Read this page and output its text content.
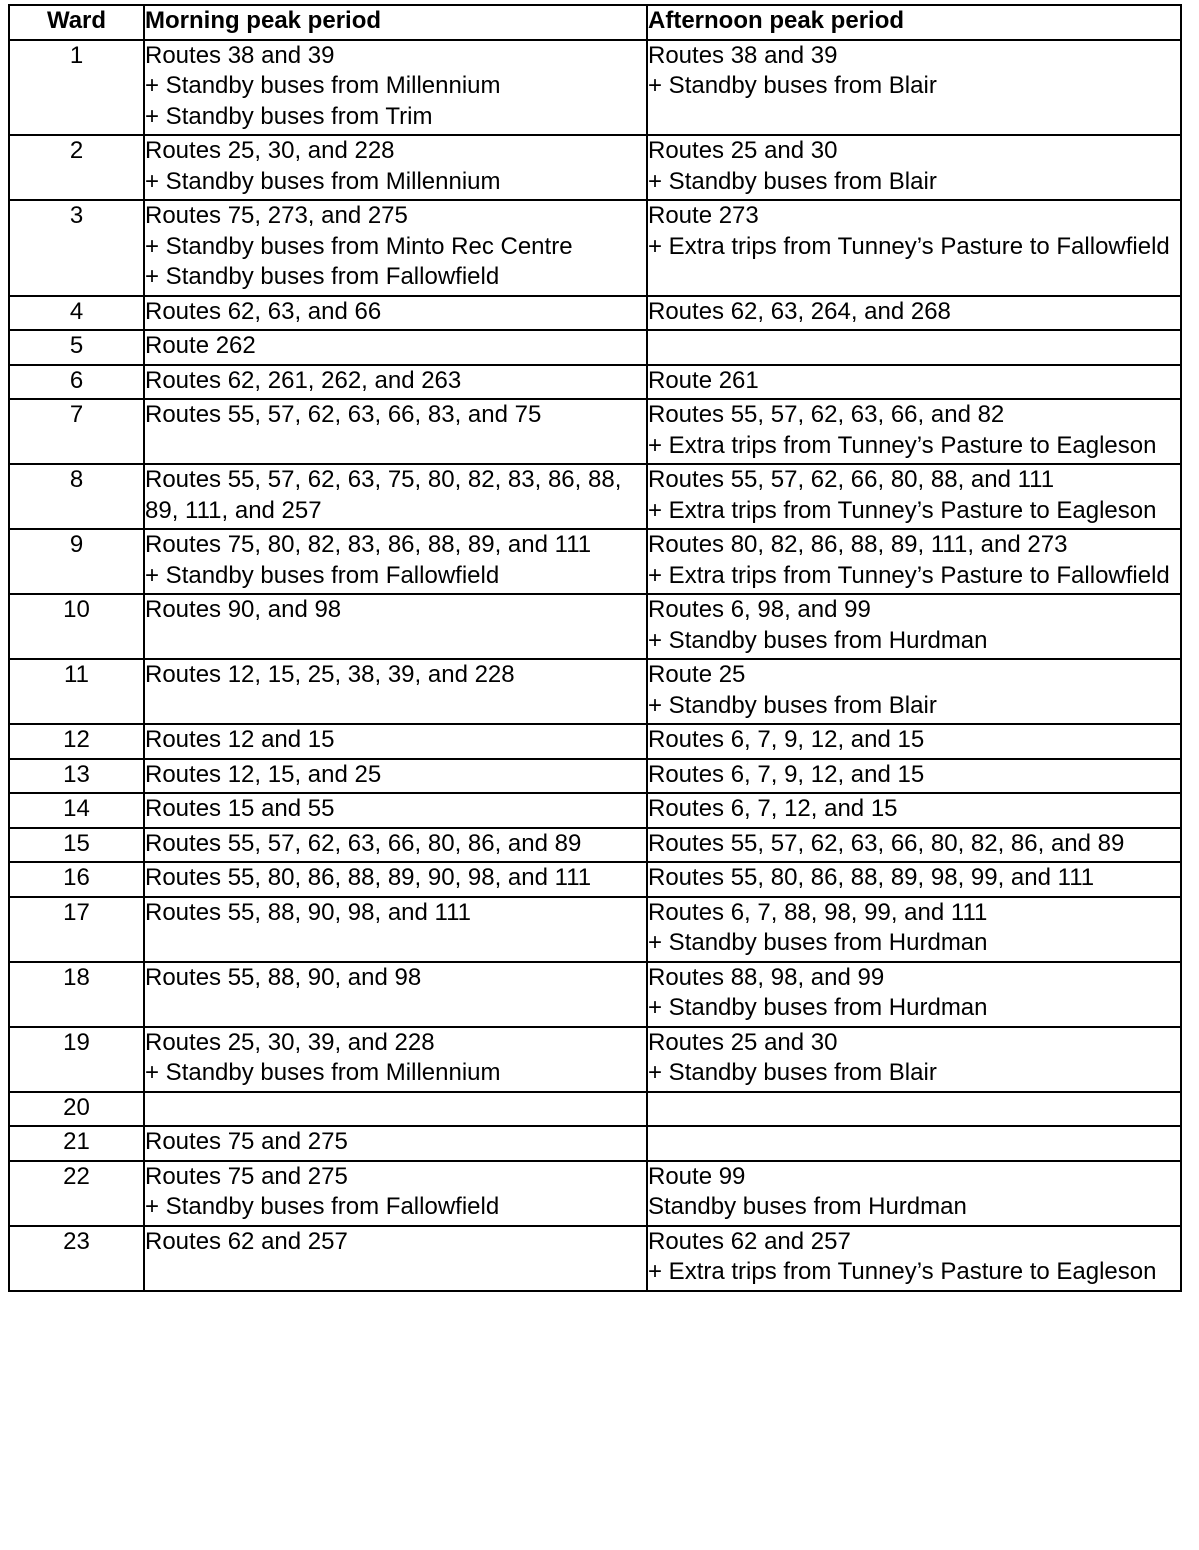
Ward	Morning peak period	Afternoon peak period
1	Routes 38 and 39
+ Standby buses from Millennium
+ Standby buses from Trim	Routes 38 and 39
+ Standby buses from Blair

2	Routes 25, 30, and 228
+ Standby buses from Millennium	Routes 25 and 30
+ Standby buses from Blair

3	Routes 75, 273, and 275
+ Standby buses from Minto Rec Centre
+ Standby buses from Fallowfield	Route 273
+ Extra trips from Tunney’s Pasture to Fallowfield

4	Routes 62, 63, and 66	Routes 62, 63, 264, and 268

5	Route 262	

6	Routes 62, 261, 262, and 263	Route 261

7	Routes 55, 57, 62, 63, 66, 83, and 75	Routes 55, 57, 62, 63, 66, and 82
+ Extra trips from Tunney’s Pasture to Eagleson

8	Routes 55, 57, 62, 63, 75, 80, 82, 83, 86, 88, 89, 111, and 257	Routes 55, 57, 62, 66, 80, 88, and 111
+ Extra trips from Tunney’s Pasture to Eagleson

9	Routes 75, 80, 82, 83, 86, 88, 89, and 111
+ Standby buses from Fallowfield	Routes 80, 82, 86, 88, 89, 111, and 273
+ Extra trips from Tunney’s Pasture to Fallowfield

10	Routes 90, and 98	Routes 6, 98, and 99
+ Standby buses from Hurdman

11	Routes 12, 15, 25, 38, 39, and 228	Route 25
+ Standby buses from Blair

12	Routes 12 and 15	Routes 6, 7, 9, 12, and 15

13	Routes 12, 15, and 25	Routes 6, 7, 9, 12, and 15

14	Routes 15 and 55	Routes 6, 7, 12, and 15

15	Routes 55, 57, 62, 63, 66, 80, 86, and 89	Routes 55, 57, 62, 63, 66, 80, 82, 86, and 89

16	Routes 55, 80, 86, 88, 89, 90, 98, and 111	Routes 55, 80, 86, 88, 89, 98, 99, and 111

17	Routes 55, 88, 90, 98, and 111	Routes 6, 7, 88, 98, 99, and 111
+ Standby buses from Hurdman

18	Routes 55, 88, 90, and 98	Routes 88, 98, and 99
+ Standby buses from Hurdman

19	Routes 25, 30, 39, and 228
+ Standby buses from Millennium	Routes 25 and 30
+ Standby buses from Blair

20		
21	Routes 75 and 275	

22	Routes 75 and 275
+ Standby buses from Fallowfield	Route 99
Standby buses from Hurdman

23	Routes 62 and 257	Routes 62 and 257
+ Extra trips from Tunney’s Pasture to Eagleson
